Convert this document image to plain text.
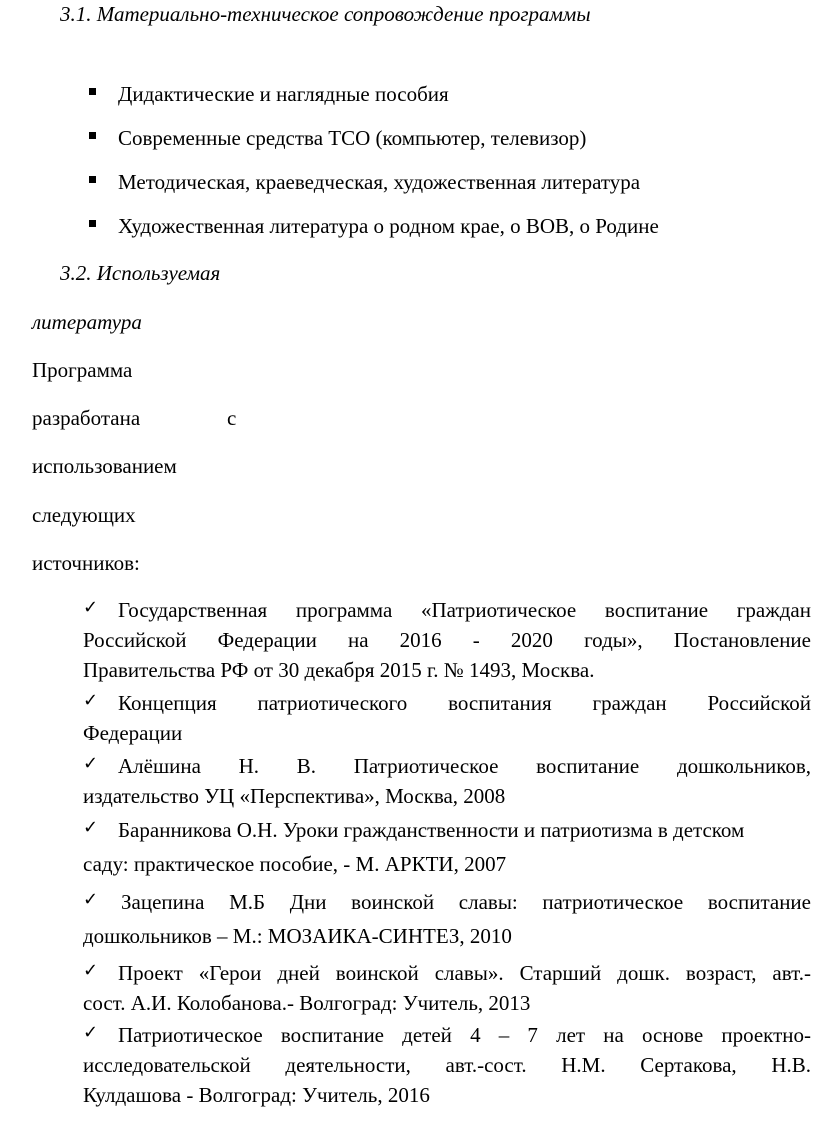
3.1. Материально-техническое сопровождение программы
Дидактические и наглядные пособия
Современные средства ТСО (компьютер, телевизор)
Методическая, краеведческая, художественная литература
Художественная литература о родном крае, о ВОВ, о Родине
3.2. Используемая
литература
Программа
разработана	с
использованием
следующих
источников:
✓ Государственная программа «Патриотическое воспитание граждан
Российской Федерации на 2016 - 2020 годы», Постановление
Правительства РФ от 30 декабря 2015 г. № 1493, Москва.
✓ Концепция патриотического воспитания граждан Российской
Федерации
✓ Алёшина Н. В. Патриотическое воспитание дошкольников,
издательство УЦ «Перспектива», Москва, 2008
✓ Баранникова О.Н. Уроки гражданственности и патриотизма в детском
саду: практическое пособие, - М. АРКТИ, 2007
✓ Зацепина М.Б Дни воинской славы: патриотическое воспитание
дошкольников – М.: МОЗАИКА-СИНТЕЗ, 2010
✓ Проект «Герои дней воинской славы». Старший дошк. возраст, авт.-
сост. А.И. Колобанова.- Волгоград: Учитель, 2013
✓ Патриотическое воспитание детей 4 – 7 лет на основе проектно-
исследовательской деятельности, авт.-сост. Н.М. Сертакова, Н.В.
Кулдашова - Волгоград: Учитель, 2016
